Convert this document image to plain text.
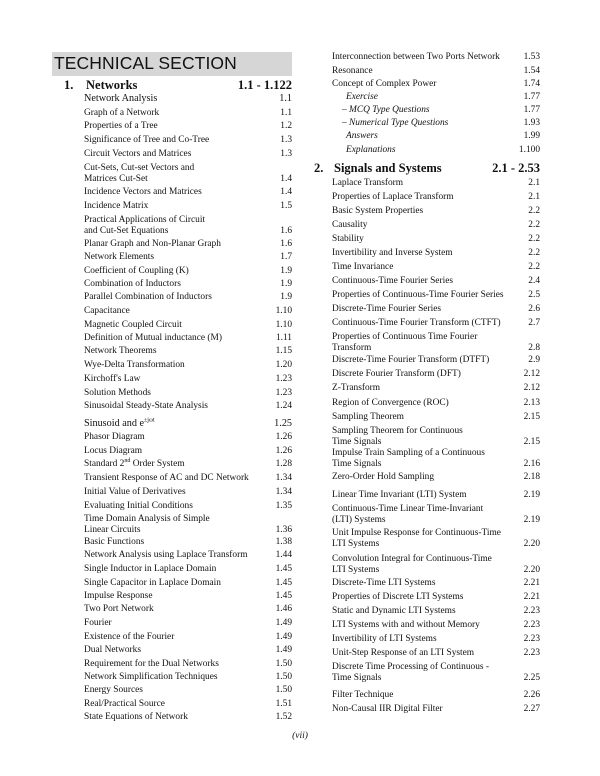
TECHNICAL SECTION
1. Networks	1.1 - 1.122
Network Analysis	1.1
Graph of a Network	1.1
Properties of a Tree	1.2
Significance of Tree and Co-Tree	1.3
Circuit Vectors and Matrices	1.3
Cut-Sets, Cut-set Vectors and
Matrices Cut-Set	1.4
Incidence Vectors and Matrices	1.4
Incidence Matrix	1.5
Practical Applications of Circuit
and Cut-Set Equations	1.6
Planar Graph and Non-Planar Graph	1.6
Network Elements	1.7
Coefficient of Coupling (K)	1.9
Combination of Inductors	1.9
Parallel Combination of Inductors	1.9
Capacitance	1.10
Magnetic Coupled Circuit	1.10
Definition of Mutual inductance (M)	1.11
Network Theorems	1.15
Wye-Delta Transformation	1.20
Kirchoff's Law	1.23
Solution Methods	1.23
Sinusoidal Steady-State Analysis	1.24
Sinusoid and $e^{\pm j\omega t}$	1.25
Phasor Diagram	1.26
Locus Diagram	1.26
Standard 2nd Order System	1.28
Transient Response of AC and DC Network	1.34
Initial Value of Derivatives	1.34
Evaluating Initial Conditions	1.35
Time Domain Analysis of Simple
Linear Circuits	1.36
Basic Functions	1.38
Network Analysis using Laplace Transform	1.44
Single Inductor in Laplace Domain	1.45
Single Capacitor in Laplace Domain	1.45
Impulse Response	1.45
Two Port Network	1.46
Fourier	1.49
Existence of the Fourier	1.49
Dual Networks	1.49
Requirement for the Dual Networks	1.50
Network Simplification Techniques	1.50
Energy Sources	1.50
Real/Practical Source	1.51
State Equations of Network	1.52
Interconnection between Two Ports Network	1.53
Resonance	1.54
Concept of Complex Power	1.74
Exercise	1.77
– MCQ Type Questions	1.77
– Numerical Type Questions	1.93
Answers	1.99
Explanations	1.100
2. Signals and Systems	2.1 - 2.53
Laplace Transform	2.1
Properties of Laplace Transform	2.1
Basic System Properties	2.2
Causality	2.2
Stability	2.2
Invertibility and Inverse System	2.2
Time Invariance	2.2
Continuous-Time Fourier Series	2.4
Properties of Continuous-Time Fourier Series	2.5
Discrete-Time Fourier Series	2.6
Continuous-Time Fourier Transform (CTFT)	2.7
Properties of Continuous Time Fourier
Transform	2.8
Discrete-Time Fourier Transform (DTFT)	2.9
Discrete Fourier Transform (DFT)	2.12
Z-Transform	2.12
Region of Convergence (ROC)	2.13
Sampling Theorem	2.15
Sampling Theorem for Continuous
Time Signals	2.15
Impulse Train Sampling of a Continuous
Time Signals	2.16
Zero-Order Hold Sampling	2.18
Linear Time Invariant (LTI) System	2.19
Continuous-Time Linear Time-Invariant
(LTI) Systems	2.19
Unit Impulse Response for Continuous-Time
LTI Systems	2.20
Convolution Integral for Continuous-Time
LTI Systems	2.20
Discrete-Time LTI Systems	2.21
Properties of Discrete LTI Systems	2.21
Static and Dynamic LTI Systems	2.23
LTI Systems with and without Memory	2.23
Invertibility of LTI Systems	2.23
Unit-Step Response of an LTI System	2.23
Discrete Time Processing of Continuous -
Time Signals	2.25
Filter Technique	2.26
Non-Causal IIR Digital Filter	2.27
(vii)
